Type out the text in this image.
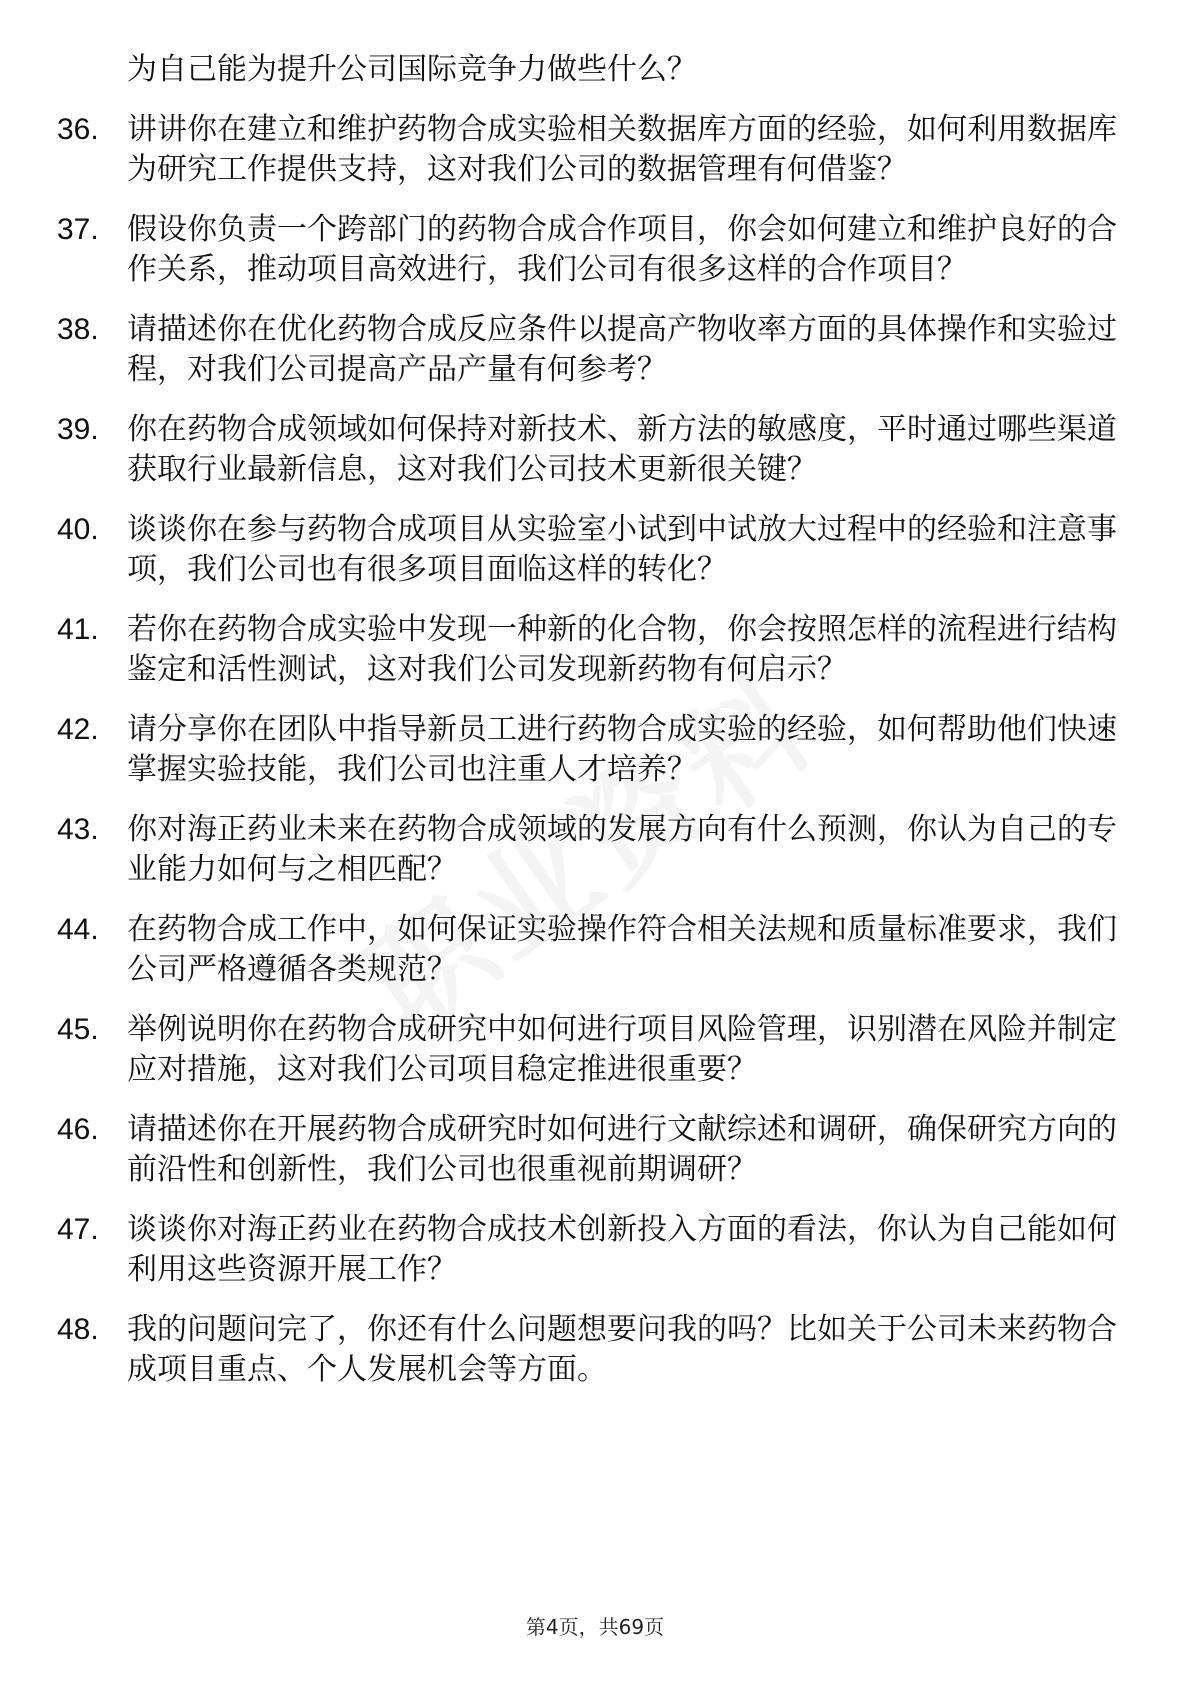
为自己能为提升公司国际竞争力做些什么？
36. 讲讲你在建立和维护药物合成实验相关数据库方面的经验，如何利用数据库为研究工作提供支持，这对我们公司的数据管理有何借鉴？
37. 假设你负责一个跨部门的药物合成合作项目，你会如何建立和维护良好的合作关系，推动项目高效进行，我们公司有很多这样的合作项目？
38. 请描述你在优化药物合成反应条件以提高产物收率方面的具体操作和实验过程，对我们公司提高产品产量有何参考？
39. 你在药物合成领域如何保持对新技术、新方法的敏感度，平时通过哪些渠道获取行业最新信息，这对我们公司技术更新很关键？
40. 谈谈你在参与药物合成项目从实验室小试到中试放大过程中的经验和注意事项，我们公司也有很多项目面临这样的转化？
41. 若你在药物合成实验中发现一种新的化合物，你会按照怎样的流程进行结构鉴定和活性测试，这对我们公司发现新药物有何启示？
42. 请分享你在团队中指导新员工进行药物合成实验的经验，如何帮助他们快速掌握实验技能，我们公司也注重人才培养？
43. 你对海正药业未来在药物合成领域的发展方向有什么预测，你认为自己的专业能力如何与之相匹配？
44. 在药物合成工作中，如何保证实验操作符合相关法规和质量标准要求，我们公司严格遵循各类规范？
45. 举例说明你在药物合成研究中如何进行项目风险管理，识别潜在风险并制定应对措施，这对我们公司项目稳定推进很重要？
46. 请描述你在开展药物合成研究时如何进行文献综述和调研，确保研究方向的前沿性和创新性，我们公司也很重视前期调研？
47. 谈谈你对海正药业在药物合成技术创新投入方面的看法，你认为自己能如何利用这些资源开展工作？
48. 我的问题问完了，你还有什么问题想要问我的吗？比如关于公司未来药物合成项目重点、个人发展机会等方面。
第4页，共69页
